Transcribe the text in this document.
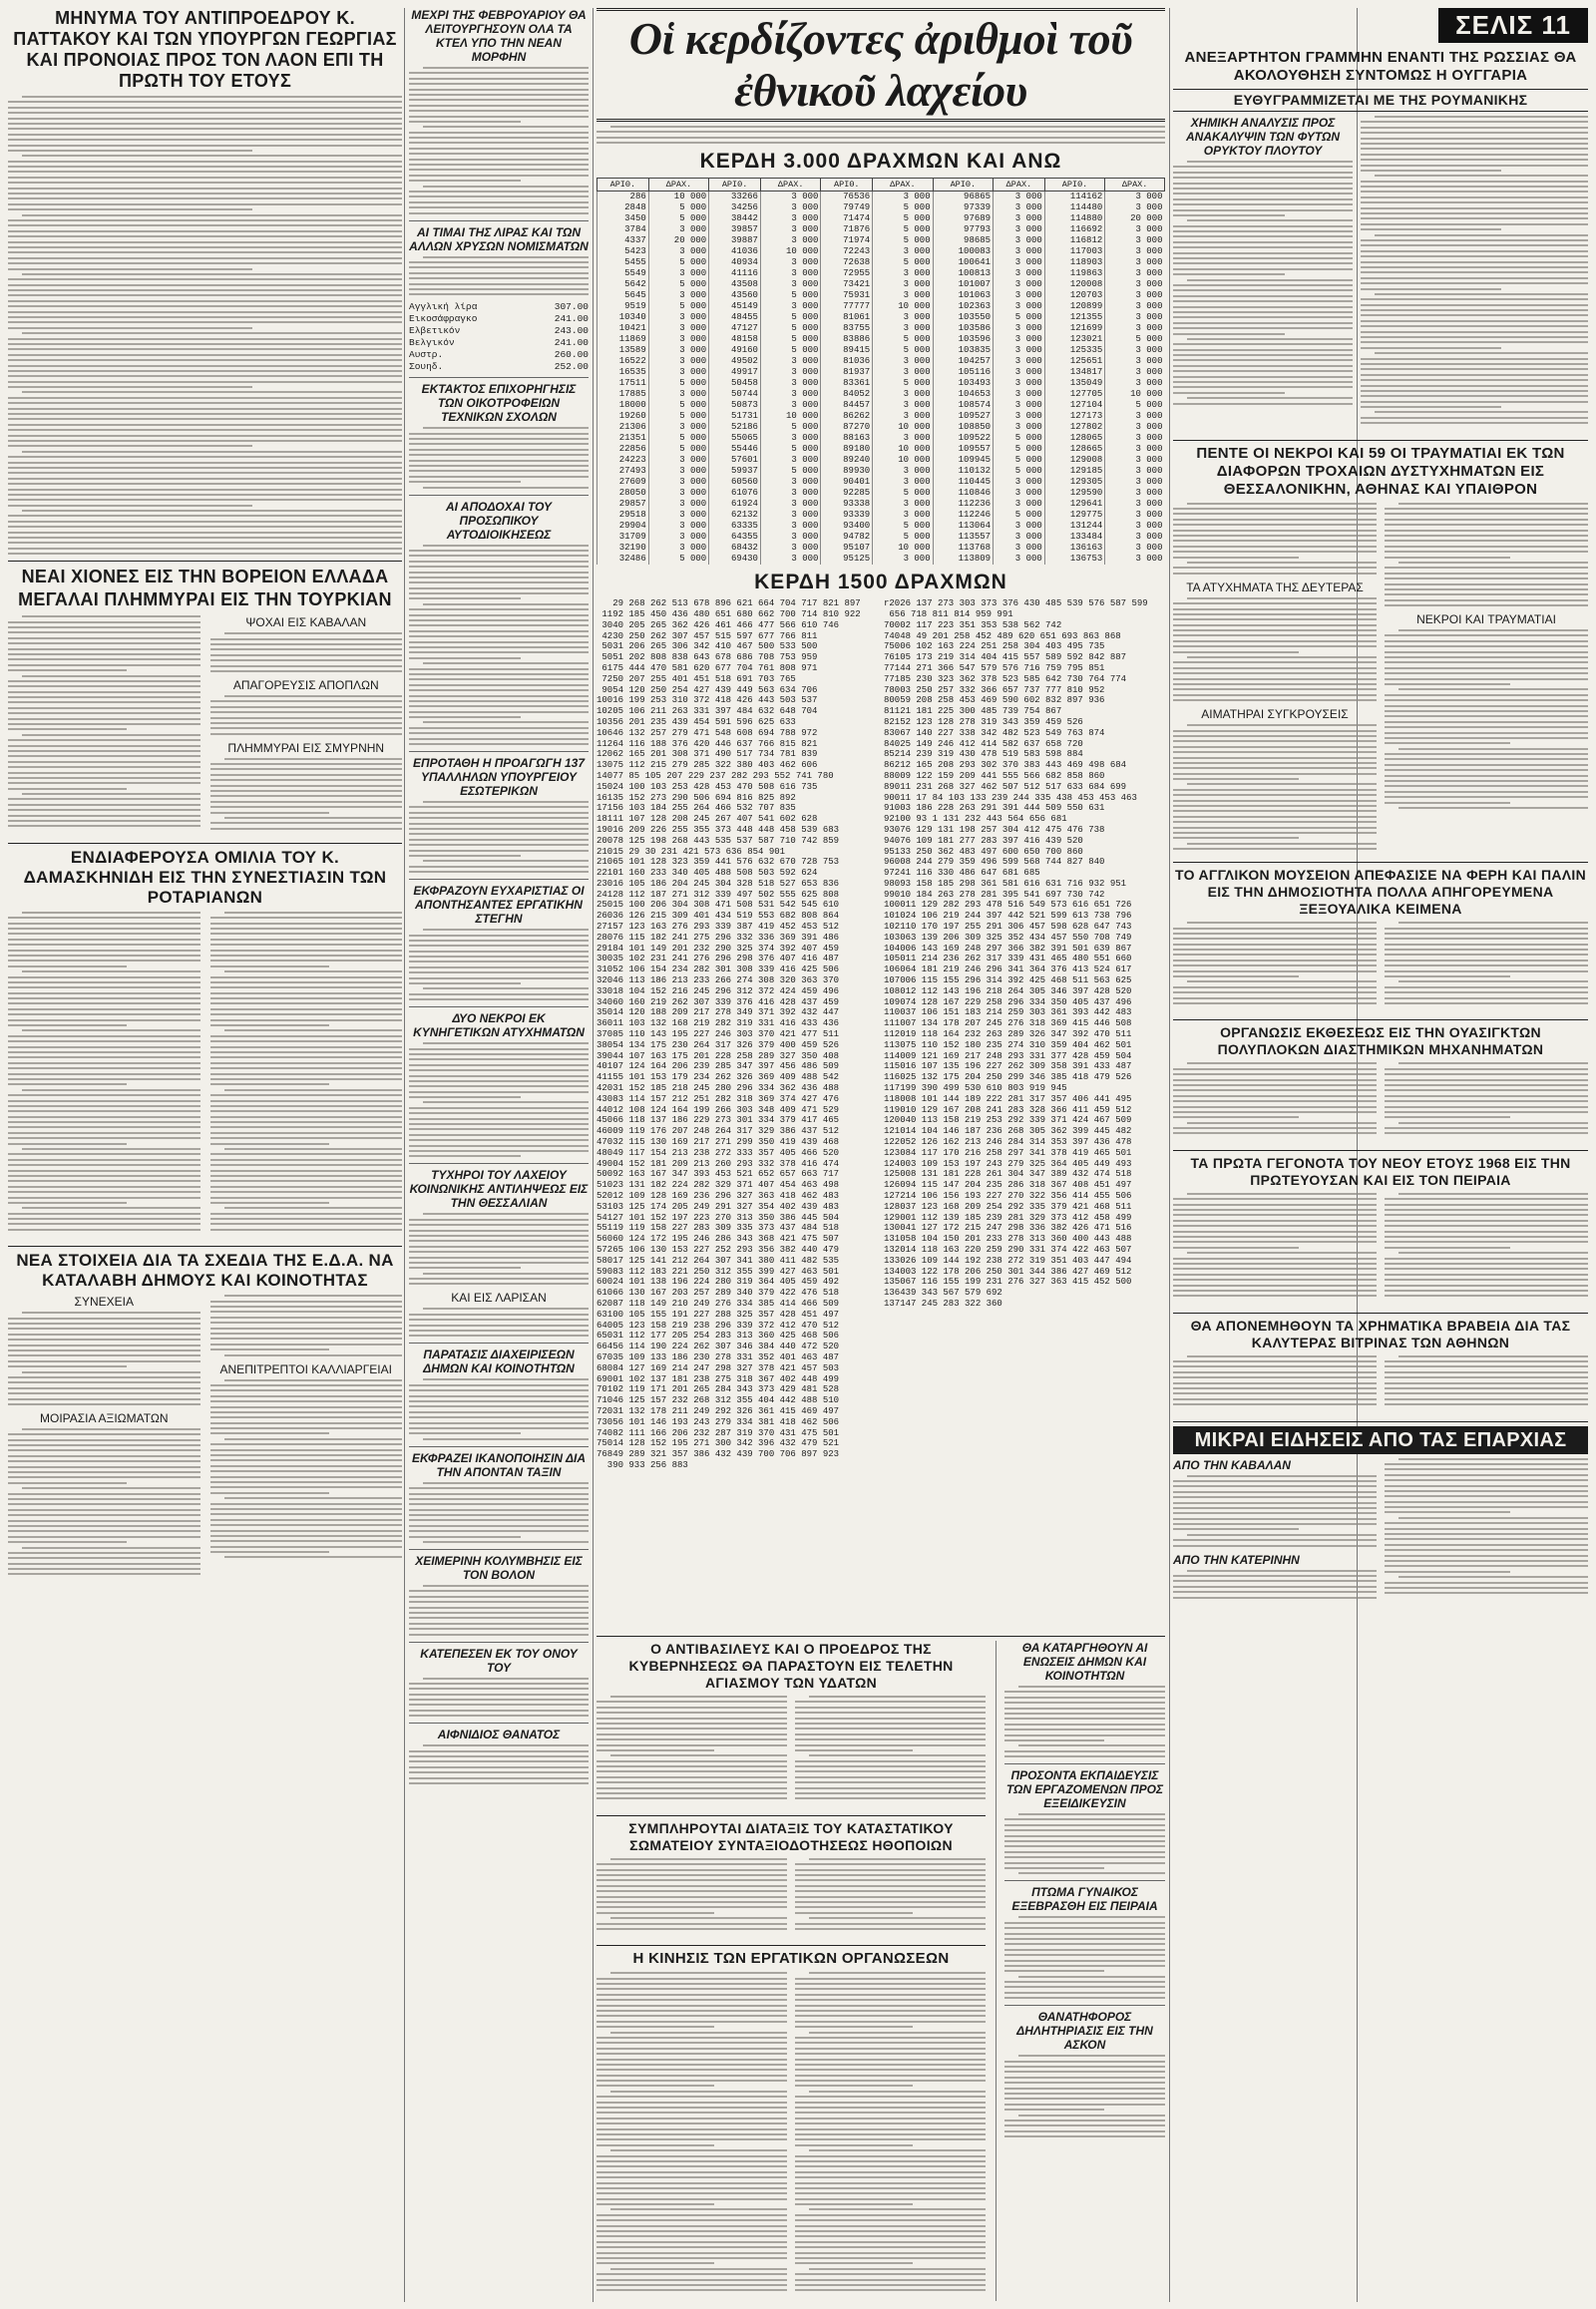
ΜΗΝΥΜΑ ΤΟΥ ΑΝΤΙΠΡΟΕΔΡΟΥ Κ. ΠΑΤΤΑΚΟΥ ΚΑΙ ΤΩΝ ΥΠΟΥΡΓΩΝ ΓΕΩΡΓΙΑΣ ΚΑΙ ΠΡΟΝΟΙΑΣ ΠΡΟΣ ΤΟΝ ΛΑΟΝ ΕΠΙ ΤΗ ΠΡΩΤΗ ΤΟΥ ΕΤΟΥΣ
ΝΕΑΙ ΧΙΟΝΕΣ ΕΙΣ ΤΗΝ ΒΟΡΕΙΟΝ ΕΛΛΑΔΑ ΜΕΓΑΛΑΙ ΠΛΗΜΜΥΡΑΙ ΕΙΣ ΤΗΝ ΤΟΥΡΚΙΑΝ
ΨΟΧΑΙ ΕΙΣ ΚΑΒΑΛΑΝ
ΑΠΑΓΟΡΕΥΣΙΣ ΑΠΟΠΛΩΝ
ΠΛΗΜΜΥΡΑΙ ΕΙΣ ΣΜΥΡΝΗΝ
ΕΝΔΙΑΦΕΡΟΥΣΑ ΟΜΙΛΙΑ ΤΟΥ Κ. ΔΑΜΑΣΚΗΝΙΔΗ ΕΙΣ ΤΗΝ ΣΥΝΕΣΤΙΑΣΙΝ ΤΩΝ ΡΟΤΑΡΙΑΝΩΝ
ΝΕΑ ΣΤΟΙΧΕΙΑ ΔΙΑ ΤΑ ΣΧΕΔΙΑ ΤΗΣ Ε.Δ.Α. ΝΑ ΚΑΤΑΛΑΒΗ ΔΗΜΟΥΣ ΚΑΙ ΚΟΙΝΟΤΗΤΑΣ
ΣΥΝΕΧΕΙΑ
ΜΟΙΡΑΣΙΑ ΑΞΙΩΜΑΤΩΝ
ΑΝΕΠΙΤΡΕΠΤΟΙ ΚΑΛΛΙΑΡΓΕΙΑΙ
ΜΕΧΡΙ ΤΗΣ ΦΕΒΡΟΥΑΡΙΟΥ ΘΑ ΛΕΙΤΟΥΡΓΗΣΟΥΝ ΟΛΑ ΤΑ ΚΤΕΛ ΥΠΟ ΤΗΝ ΝΕΑΝ ΜΟΡΦΗΝ
ΑΙ ΤΙΜΑΙ ΤΗΣ ΛΙΡΑΣ ΚΑΙ ΤΩΝ ΑΛΛΩΝ ΧΡΥΣΩΝ ΝΟΜΙΣΜΑΤΩΝ
Αγγλική λίρα	307.00
Εικοσάφραγκο	241.00
Ελβετικόν	243.00
Βελγικόν	241.00
Αυστρ.	260.00
Σουηδ.	252.00
ΕΚΤΑΚΤΟΣ ΕΠΙΧΟΡΗΓΗΣΙΣ ΤΩΝ ΟΙΚΟΤΡΟΦΕΙΩΝ ΤΕΧΝΙΚΩΝ ΣΧΟΛΩΝ
ΑΙ ΑΠΟΔΟΧΑΙ ΤΟΥ ΠΡΟΣΩΠΙΚΟΥ ΑΥΤΟΔΙΟΙΚΗΣΕΩΣ
ΕΠΡΟΤΑΘΗ Η ΠΡΟΑΓΩΓΗ 137 ΥΠΑΛΛΗΛΩΝ ΥΠΟΥΡΓΕΙΟΥ ΕΣΩΤΕΡΙΚΩΝ
ΕΚΦΡΑΖΟΥΝ ΕΥΧΑΡΙΣΤΙΑΣ ΟΙ ΑΠΟΝΤΗΣΑΝΤΕΣ ΕΡΓΑΤΙΚΗΝ ΣΤΕΓΗΝ
ΔΥΟ ΝΕΚΡΟΙ ΕΚ ΚΥΝΗΓΕΤΙΚΩΝ ΑΤΥΧΗΜΑΤΩΝ
ΤΥΧΗΡΟΙ ΤΟΥ ΛΑΧΕΙΟΥ ΚΟΙΝΩΝΙΚΗΣ ΑΝΤΙΛΗΨΕΩΣ ΕΙΣ ΤΗΝ ΘΕΣΣΑΛΙΑΝ
ΚΑΙ ΕΙΣ ΛΑΡΙΣΑΝ
ΠΑΡΑΤΑΣΙΣ ΔΙΑΧΕΙΡΙΣΕΩΝ ΔΗΜΩΝ ΚΑΙ ΚΟΙΝΟΤΗΤΩΝ
ΕΚΦΡΑΖΕΙ ΙΚΑΝΟΠΟΙΗΣΙΝ ΔΙΑ ΤΗΝ ΑΠΟΝΤΑΝ ΤΑΞΙΝ
ΧΕΙΜΕΡΙΝΗ ΚΟΛΥΜΒΗΣΙΣ ΕΙΣ ΤΟΝ ΒΟΛΟΝ
ΚΑΤΕΠΕΣΕΝ ΕΚ ΤΟΥ ΟΝΟΥ ΤΟΥ
ΑΙΦΝΙΔΙΟΣ ΘΑΝΑΤΟΣ
Οἱ κερδίζοντες ἀριθμοὶ τοῦ ἐθνικοῦ λαχείου
ΚΕΡΔΗ 3.000 ΔΡΑΧΜΩΝ ΚΑΙ ΑΝΩ
ΑΡΙΘ.	ΔΡΑΧ.	ΑΡΙΘ.	ΔΡΑΧ.	ΑΡΙΘ.	ΔΡΑΧ.	ΑΡΙΘ.	ΔΡΑΧ.	ΑΡΙΘ.	ΔΡΑΧ.
286	10 000	33266	3 000	76536	3 000	96865	3 000	114162	3 000
2848	5 000	34256	3 000	79749	5 000	97339	3 000	114480	3 000
3450	5 000	38442	3 000	71474	5 000	97689	3 000	114880	20 000
3784	3 000	39857	3 000	71876	5 000	97793	3 000	116692	3 000
4337	20 000	39887	3 000	71974	5 000	98685	3 000	116812	3 000
5423	3 000	41036	10 000	72243	3 000	100083	3 000	117003	3 000
5455	5 000	40934	3 000	72638	5 000	100641	3 000	118903	3 000
5549	3 000	41116	3 000	72955	3 000	100813	3 000	119863	3 000
5642	5 000	43508	3 000	73421	3 000	101007	3 000	120008	3 000
5645	3 000	43560	5 000	75931	3 000	101063	3 000	120703	3 000
9519	5 000	45149	3 000	77777	10 000	102363	3 000	120899	3 000
10340	3 000	48455	5 000	81061	3 000	103550	5 000	121355	3 000
10421	3 000	47127	5 000	83755	3 000	103586	3 000	121699	3 000
11869	3 000	48158	5 000	83886	5 000	103596	3 000	123021	5 000
13589	3 000	49160	5 000	89415	5 000	103835	3 000	125335	3 000
16522	3 000	49502	3 000	81036	3 000	104257	3 000	125651	3 000
16535	3 000	49917	3 000	81937	3 000	105116	3 000	134817	3 000
17511	5 000	50458	3 000	83361	5 000	103493	3 000	135049	3 000
17885	3 000	50744	3 000	84052	3 000	104653	3 000	127705	10 000
18000	5 000	50873	3 000	84457	3 000	108574	3 000	127104	5 000
19260	5 000	51731	10 000	86262	3 000	109527	3 000	127173	3 000
21306	3 000	52186	5 000	87270	10 000	108850	3 000	127802	3 000
21351	5 000	55065	3 000	88163	3 000	109522	5 000	128065	3 000
22856	5 000	55446	5 000	89180	10 000	109557	5 000	128665	3 000
24223	3 000	57601	3 000	89240	10 000	109945	5 000	129008	3 000
27493	3 000	59937	5 000	89930	3 000	110132	5 000	129185	3 000
27609	3 000	60560	3 000	90401	3 000	110445	3 000	129305	3 000
28050	3 000	61076	3 000	92285	5 000	110846	3 000	129590	3 000
29857	3 000	61924	3 000	93338	3 000	112236	3 000	129641	3 000
29518	3 000	62132	3 000	93339	3 000	112246	5 000	129775	3 000
29904	3 000	63335	3 000	93400	5 000	113064	3 000	131244	3 000
31709	3 000	64355	3 000	94782	5 000	113557	3 000	133484	3 000
32190	3 000	68432	3 000	95107	10 000	113768	3 000	136163	3 000
32486	5 000	69430	3 000	95125	3 000	113809	3 000	136753	3 000
ΚΕΡΔΗ 1500 ΔΡΑΧΜΩΝ
29 268 262 513 678 896 621 664 704 717 821 897
1192 185 450 436 480 651 680 662 700 714 810 922
3040 205 265 362 426 461 466 477 566 610 746
4230 250 262 307 457 515 597 677 766 811
5031 206 265 306 342 410 467 500 533 500
5051 202 808 838 643 678 686 708 753 959
6175 444 470 581 620 677 704 761 808 971
7250 207 255 401 451 518 691 703 765
9054 120 250 254 427 439 449 563 634 706
10016 199 253 310 372 418 426 443 503 537
10205 106 211 263 331 397 484 632 648 704
10356 201 235 439 454 591 596 625 633
10646 132 257 279 471 548 608 694 788 972
11264 116 188 376 420 446 637 766 815 821
12062 165 201 308 371 490 517 734 781 839
13075 112 215 279 285 322 380 403 462 606
14077 85 105 207 229 237 282 293 552 741 780
15024 100 103 253 428 453 470 508 616 735
16135 152 273 290 506 694 816 825 892
17156 103 184 255 264 466 532 707 835
18111 107 128 208 245 267 407 541 602 628
19016 209 226 255 355 373 448 448 458 539 683
20078 125 198 268 443 535 537 587 710 742 859
21015 29 30 231 421 573 636 854 901
21065 101 128 323 359 441 576 632 670 728 753
22101 160 233 340 405 488 508 503 592 624
23016 105 186 204 245 304 328 518 527 653 836
24128 112 187 271 312 339 497 502 555 625 808
25015 100 206 304 308 471 508 531 542 545 610
26036 126 215 309 401 434 519 553 682 808 864
27157 123 163 276 293 339 387 419 452 453 512
28076 115 182 241 275 296 332 336 369 391 486
29184 101 149 201 232 290 325 374 392 407 459
30035 102 231 241 276 296 298 376 407 416 487
31052 106 154 234 282 301 308 339 416 425 506
32046 113 186 213 233 266 274 308 320 363 370
33018 104 152 216 245 296 312 372 424 459 496
34060 160 219 262 307 339 376 416 428 437 459
35014 120 188 209 217 278 349 371 392 432 447
36011 103 132 168 219 282 319 331 416 433 436
37085 110 143 195 227 246 303 370 421 477 511
38054 134 175 230 264 317 326 379 400 459 526
39044 107 163 175 201 228 258 289 327 350 408
40107 124 164 206 239 285 347 397 456 486 509
41155 101 153 179 234 262 326 369 409 488 542
42031 152 185 218 245 280 296 334 362 436 488
43083 114 157 212 251 282 318 369 374 427 476
44012 108 124 164 199 266 303 348 409 471 529
45066 118 137 186 229 273 301 334 379 417 465
46009 119 176 207 248 264 317 329 386 437 512
47032 115 130 169 217 271 299 350 419 439 468
48049 117 154 213 238 272 333 357 405 466 520
49004 152 181 209 213 260 293 332 378 416 474
50092 163 167 347 393 453 521 652 657 663 717
51023 131 182 224 282 329 371 407 454 463 498
52012 109 128 169 236 296 327 363 418 462 483
53103 125 174 205 249 291 327 354 402 439 483
54127 101 152 197 223 270 313 350 386 445 504
55119 119 158 227 283 309 335 373 437 484 518
56060 124 172 195 246 286 343 368 421 475 507
57265 106 130 153 227 252 293 356 382 440 479
58017 125 141 212 264 307 341 380 411 482 535
59083 112 183 221 250 312 355 399 427 463 501
60024 101 138 196 224 280 319 364 405 459 492
61066 130 167 203 257 289 340 379 422 476 518
62087 118 149 210 249 276 334 385 414 466 509
63100 105 155 191 227 288 325 357 428 451 497
64005 123 158 219 238 296 339 372 412 470 512
65031 112 177 205 254 283 313 360 425 468 506
66456 114 190 224 262 307 346 384 440 472 520
67035 109 133 186 230 278 331 352 401 463 487
68084 127 169 214 247 298 327 378 421 457 503
69001 102 137 181 238 275 318 367 402 448 499
70102 119 171 201 265 284 343 373 429 481 528
71046 125 157 232 268 312 355 404 442 488 510
72031 132 178 211 249 292 326 361 415 469 497
73056 101 146 193 243 279 334 381 418 462 506
74082 111 166 206 232 287 319 370 431 475 501
75014 128 152 195 271 300 342 396 432 479 521
76849 289 321 357 386 432 439 700 706 897 923
390 933 256 883
r2026 137 273 303 373 376 430 485 539 576 587 599
656 718 811 814 959 991
70002 117 223 351 353 538 562 742
74048 49 201 258 452 489 620 651 693 863 868
75006 102 163 224 251 258 304 403 495 735
76105 173 219 314 404 415 557 589 592 842 887
77144 271 366 547 579 576 716 759 795 851
77185 230 323 362 378 523 585 642 730 764 774
78003 250 257 332 366 657 737 777 810 952
80059 208 258 453 469 590 602 832 897 936
81121 181 225 300 485 739 754 867
82152 123 128 278 319 343 359 459 526
83067 140 227 338 342 482 523 549 763 874
84025 149 246 412 414 582 637 658 720
85214 239 319 430 478 519 583 598 884
86212 165 208 293 302 370 383 443 469 498 684
88009 122 159 209 441 555 566 682 858 860
89011 231 268 327 462 507 512 517 633 684 699
90011 17 84 103 133 239 244 335 438 453 453 463
91003 186 228 263 291 391 444 509 550 631
92100 93 1 131 232 443 564 656 681
93076 129 131 198 257 304 412 475 476 738
94076 109 181 277 283 397 416 439 520
95133 250 362 483 497 600 650 700 860
96008 244 279 359 496 599 568 744 827 840
97241 116 330 486 647 681 685
98093 158 185 298 361 581 616 631 716 932 951
99010 184 263 278 281 395 541 697 730 742
100011 129 282 293 478 516 549 573 616 651 726
101024 106 219 244 397 442 521 599 613 738 796
102110 170 197 255 291 306 457 598 628 647 743
103063 139 206 309 325 352 434 457 550 708 749
104006 143 169 248 297 366 382 391 501 639 867
105011 214 236 262 317 339 431 465 480 551 660
106064 181 219 246 296 341 364 376 413 524 617
107006 115 155 296 314 392 425 468 511 563 625
108012 112 143 196 218 264 305 346 397 428 520
109074 128 167 229 258 296 334 350 405 437 496
110037 106 151 183 214 259 303 361 393 442 483
111007 134 178 207 245 276 318 369 415 446 508
112019 118 164 232 263 289 326 347 392 470 511
113075 110 152 180 235 274 310 359 404 462 501
114009 121 169 217 248 293 331 377 428 459 504
115016 107 135 196 227 262 309 358 391 433 487
116025 132 175 204 250 299 346 385 418 479 526
117199 390 499 530 610 803 919 945
118008 101 144 189 222 281 317 357 406 441 495
119010 129 167 208 241 283 328 366 411 459 512
120040 113 158 219 253 292 339 371 424 467 509
121014 104 146 187 236 268 305 362 399 445 482
122052 126 162 213 246 284 314 353 397 436 478
123084 117 170 216 258 297 341 378 419 465 501
124003 109 153 197 243 279 325 364 405 449 493
125008 131 181 228 261 304 347 389 432 474 518
126094 115 147 204 235 286 318 367 408 451 497
127214 106 156 193 227 270 322 356 414 455 506
128037 123 168 209 254 292 335 379 421 468 511
129001 112 139 185 239 281 329 373 412 458 499
130041 127 172 215 247 298 336 382 426 471 516
131058 104 150 201 233 278 313 360 400 443 488
132014 118 163 220 259 290 331 374 422 463 507
133026 109 144 192 238 272 319 351 403 447 494
134003 122 178 206 250 301 344 386 427 469 512
135067 116 155 199 231 276 327 363 415 452 500
136439 343 567 579 692
137147 245 283 322 360
Ο ΑΝΤΙΒΑΣΙΛΕΥΣ ΚΑΙ Ο ΠΡΟΕΔΡΟΣ ΤΗΣ ΚΥΒΕΡΝΗΣΕΩΣ ΘΑ ΠΑΡΑΣΤΟΥΝ ΕΙΣ ΤΕΛΕΤΗΝ ΑΓΙΑΣΜΟΥ ΤΩΝ ΥΔΑΤΩΝ
ΣΥΜΠΛΗΡΟΥΤΑΙ ΔΙΑΤΑΞΙΣ ΤΟΥ ΚΑΤΑΣΤΑΤΙΚΟΥ ΣΩΜΑΤΕΙΟΥ ΣΥΝΤΑΞΙΟΔΟΤΗΣΕΩΣ ΗΘΟΠΟΙΩΝ
Η ΚΙΝΗΣΙΣ ΤΩΝ ΕΡΓΑΤΙΚΩΝ ΟΡΓΑΝΩΣΕΩΝ
ΘΑ ΚΑΤΑΡΓΗΘΟΥΝ ΑΙ ΕΝΩΣΕΙΣ ΔΗΜΩΝ ΚΑΙ ΚΟΙΝΟΤΗΤΩΝ
ΠΡΟΣΟΝΤΑ ΕΚΠΑΙΔΕΥΣΙΣ ΤΩΝ ΕΡΓΑΖΟΜΕΝΩΝ ΠΡΟΣ ΕΞΕΙΔΙΚΕΥΣΙΝ
ΠΤΩΜΑ ΓΥΝΑΙΚΟΣ ΕΞΕΒΡΑΣΘΗ ΕΙΣ ΠΕΙΡΑΙΑ
ΘΑΝΑΤΗΦΟΡΟΣ ΔΗΛΗΤΗΡΙΑΣΙΣ ΕΙΣ ΤΗΝ ΑΣΚΟΝ
ΣΕΛΙΣ 11
ΑΝΕΞΑΡΤΗΤΟΝ ΓΡΑΜΜΗΝ ΕΝΑΝΤΙ ΤΗΣ ΡΩΣΣΙΑΣ ΘΑ ΑΚΟΛΟΥΘΗΣΗ ΣΥΝΤΟΜΩΣ Η ΟΥΓΓΑΡΙΑ
ΕΥΘΥΓΡΑΜΜΙΖΕΤΑΙ ΜΕ ΤΗΣ ΡΟΥΜΑΝΙΚΗΣ
ΧΗΜΙΚΗ ΑΝΑΛΥΣΙΣ ΠΡΟΣ ΑΝΑΚΑΛΥΨΙΝ ΤΩΝ ΦΥΤΩΝ ΟΡΥΚΤΟΥ ΠΛΟΥΤΟΥ
ΠΕΝΤΕ ΟΙ ΝΕΚΡΟΙ ΚΑΙ 59 ΟΙ ΤΡΑΥΜΑΤΙΑΙ ΕΚ ΤΩΝ ΔΙΑΦΟΡΩΝ ΤΡΟΧΑΙΩΝ ΔΥΣΤΥΧΗΜΑΤΩΝ ΕΙΣ ΘΕΣΣΑΛΟΝΙΚΗΝ, ΑΘΗΝΑΣ ΚΑΙ ΥΠΑΙΘΡΟΝ
ΤΑ ΑΤΥΧΗΜΑΤΑ ΤΗΣ ΔΕΥΤΕΡΑΣ
ΑΙΜΑΤΗΡΑΙ ΣΥΓΚΡΟΥΣΕΙΣ
ΝΕΚΡΟΙ ΚΑΙ ΤΡΑΥΜΑΤΙΑΙ
ΤΟ ΑΓΓΛΙΚΟΝ ΜΟΥΣΕΙΟΝ ΑΠΕΦΑΣΙΣΕ ΝΑ ΦΕΡΗ ΚΑΙ ΠΑΛΙΝ ΕΙΣ ΤΗΝ ΔΗΜΟΣΙΟΤΗΤΑ ΠΟΛΛΑ ΑΠΗΓΟΡΕΥΜΕΝΑ ΞΕΞΟΥΑΛΙΚΑ ΚΕΙΜΕΝΑ
ΟΡΓΑΝΩΣΙΣ ΕΚΘΕΣΕΩΣ ΕΙΣ ΤΗΝ ΟΥΑΣΙΓΚΤΩΝ ΠΟΛΥΠΛΟΚΩΝ ΔΙΑΣΤΗΜΙΚΩΝ ΜΗΧΑΝΗΜΑΤΩΝ
ΤΑ ΠΡΩΤΑ ΓΕΓΟΝΟΤΑ ΤΟΥ ΝΕΟΥ ΕΤΟΥΣ 1968 ΕΙΣ ΤΗΝ ΠΡΩΤΕΥΟΥΣΑΝ ΚΑΙ ΕΙΣ ΤΟΝ ΠΕΙΡΑΙΑ
ΘΑ ΑΠΟΝΕΜΗΘΟΥΝ ΤΑ ΧΡΗΜΑΤΙΚΑ ΒΡΑΒΕΙΑ ΔΙΑ ΤΑΣ ΚΑΛΥΤΕΡΑΣ ΒΙΤΡΙΝΑΣ ΤΩΝ ΑΘΗΝΩΝ
ΜΙΚΡΑΙ ΕΙΔΗΣΕΙΣ ΑΠΟ ΤΑΣ ΕΠΑΡΧΙΑΣ
ΑΠΟ ΤΗΝ ΚΑΒΑΛΑΝ
ΑΠΟ ΤΗΝ ΚΑΤΕΡΙΝΗΝ
